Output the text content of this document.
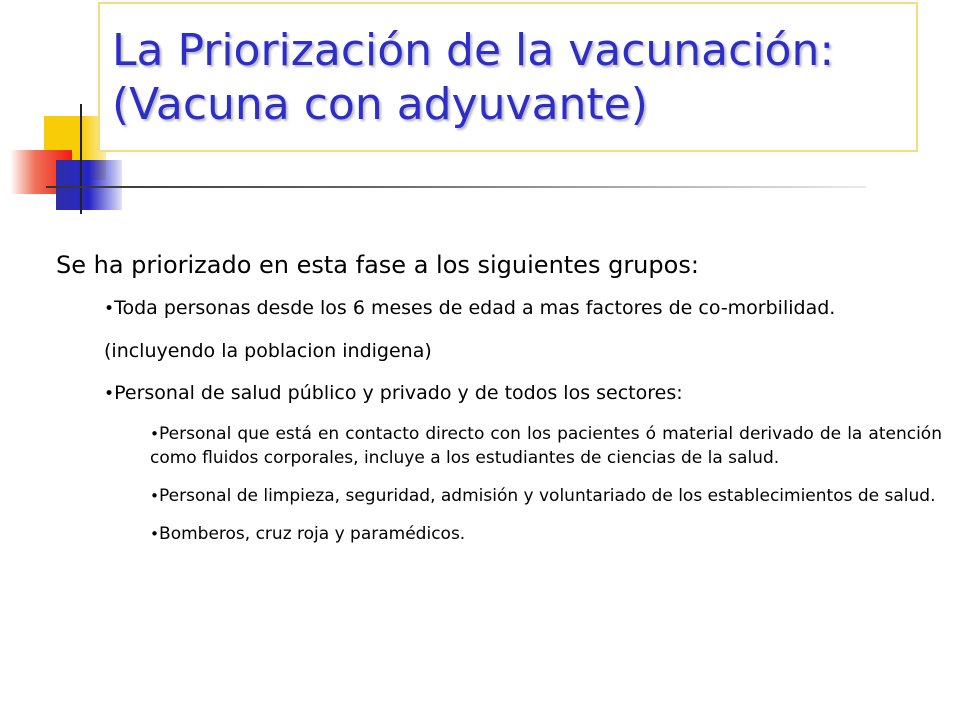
La Priorización de la vacunación:
(Vacuna con adyuvante)

Se ha priorizado en esta fase a los siguientes grupos:

•Toda personas desde los 6 meses de edad a mas factores de co-morbilidad.

(incluyendo la poblacion indigena)

•Personal de salud público y privado y de todos los sectores:

•Personal que está en contacto directo con los pacientes ó material derivado de la atención como fluidos corporales, incluye a los estudiantes de ciencias de la salud.

•Personal de limpieza, seguridad, admisión y voluntariado de los establecimientos de salud.

•Bomberos, cruz roja y paramédicos.
